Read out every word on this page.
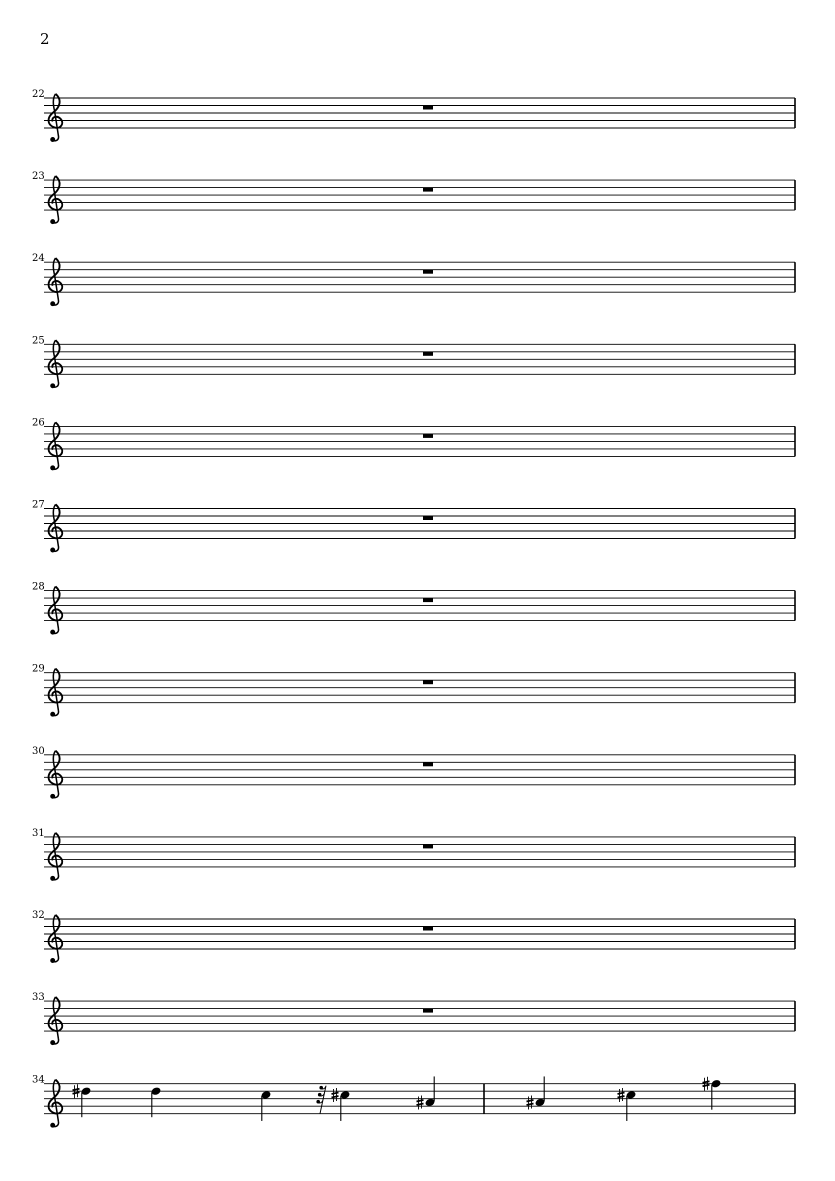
2
22
23
24
25
26
27
28
29
30
31
32
33
34
